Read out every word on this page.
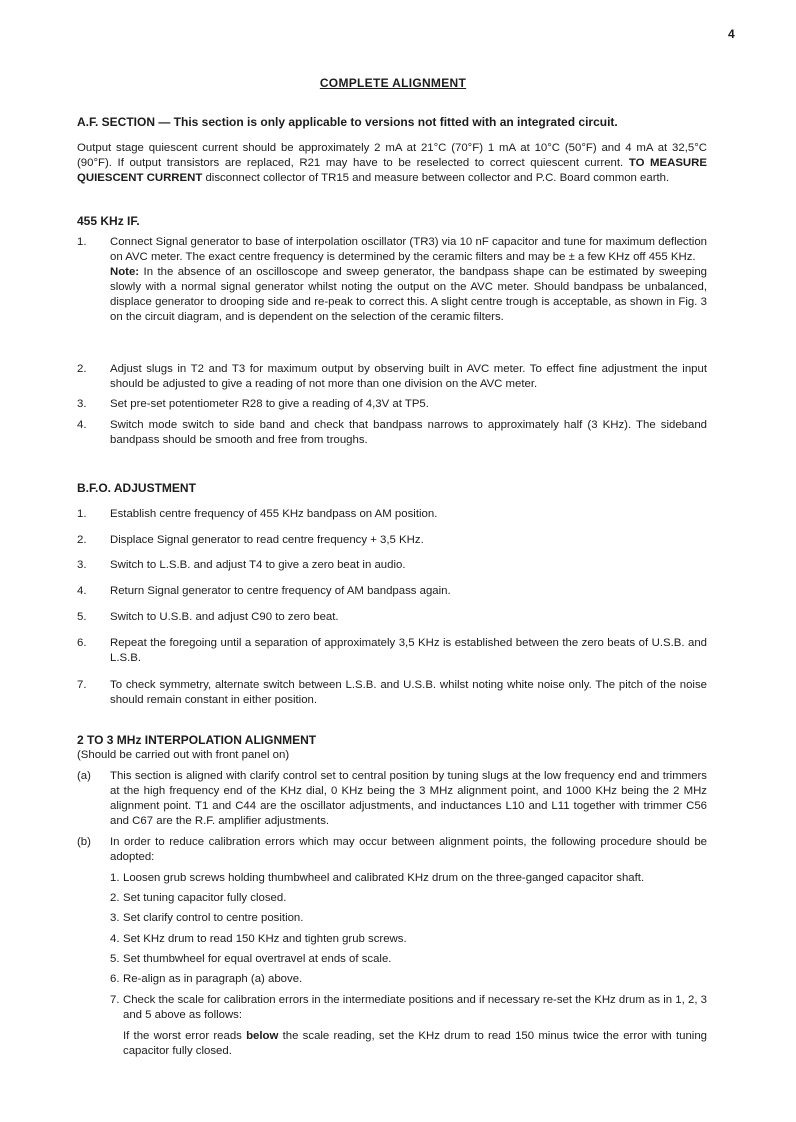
4
COMPLETE ALIGNMENT
A.F. SECTION — This section is only applicable to versions not fitted with an integrated circuit.
Output stage quiescent current should be approximately 2 mA at 21°C (70°F) 1 mA at 10°C (50°F) and 4 mA at 32,5°C (90°F). If output transistors are replaced, R21 may have to be reselected to correct quiescent current. TO MEASURE QUIESCENT CURRENT disconnect collector of TR15 and measure between collector and P.C. Board common earth.
455 KHz IF.
1. Connect Signal generator to base of interpolation oscillator (TR3) via 10 nF capacitor and tune for maximum deflection on AVC meter. The exact centre frequency is determined by the ceramic filters and may be ± a few KHz off 455 KHz.
Note: In the absence of an oscilloscope and sweep generator, the bandpass shape can be estimated by sweeping slowly with a normal signal generator whilst noting the output on the AVC meter. Should bandpass be unbalanced, displace generator to drooping side and re-peak to correct this. A slight centre trough is acceptable, as shown in Fig. 3 on the circuit diagram, and is dependent on the selection of the ceramic filters.
2. Adjust slugs in T2 and T3 for maximum output by observing built in AVC meter. To effect fine adjustment the input should be adjusted to give a reading of not more than one division on the AVC meter.
3. Set pre-set potentiometer R28 to give a reading of 4,3V at TP5.
4. Switch mode switch to side band and check that bandpass narrows to approximately half (3 KHz). The sideband bandpass should be smooth and free from troughs.
B.F.O. ADJUSTMENT
1. Establish centre frequency of 455 KHz bandpass on AM position.
2. Displace Signal generator to read centre frequency + 3,5 KHz.
3. Switch to L.S.B. and adjust T4 to give a zero beat in audio.
4. Return Signal generator to centre frequency of AM bandpass again.
5. Switch to U.S.B. and adjust C90 to zero beat.
6. Repeat the foregoing until a separation of approximately 3,5 KHz is established between the zero beats of U.S.B. and L.S.B.
7. To check symmetry, alternate switch between L.S.B. and U.S.B. whilst noting white noise only. The pitch of the noise should remain constant in either position.
2 TO 3 MHz INTERPOLATION ALIGNMENT
(Should be carried out with front panel on)
(a) This section is aligned with clarify control set to central position by tuning slugs at the low frequency end and trimmers at the high frequency end of the KHz dial, 0 KHz being the 3 MHz alignment point, and 1000 KHz being the 2 MHz alignment point. T1 and C44 are the oscillator adjustments, and inductances L10 and L11 together with trimmer C56 and C67 are the R.F. amplifier adjustments.
(b) In order to reduce calibration errors which may occur between alignment points, the following procedure should be adopted:
1. Loosen grub screws holding thumbwheel and calibrated KHz drum on the three-ganged capacitor shaft.
2. Set tuning capacitor fully closed.
3. Set clarify control to centre position.
4. Set KHz drum to read 150 KHz and tighten grub screws.
5. Set thumbwheel for equal overtravel at ends of scale.
6. Re-align as in paragraph (a) above.
7. Check the scale for calibration errors in the intermediate positions and if necessary re-set the KHz drum as in 1, 2, 3 and 5 above as follows:
If the worst error reads below the scale reading, set the KHz drum to read 150 minus twice the error with tuning capacitor fully closed.
